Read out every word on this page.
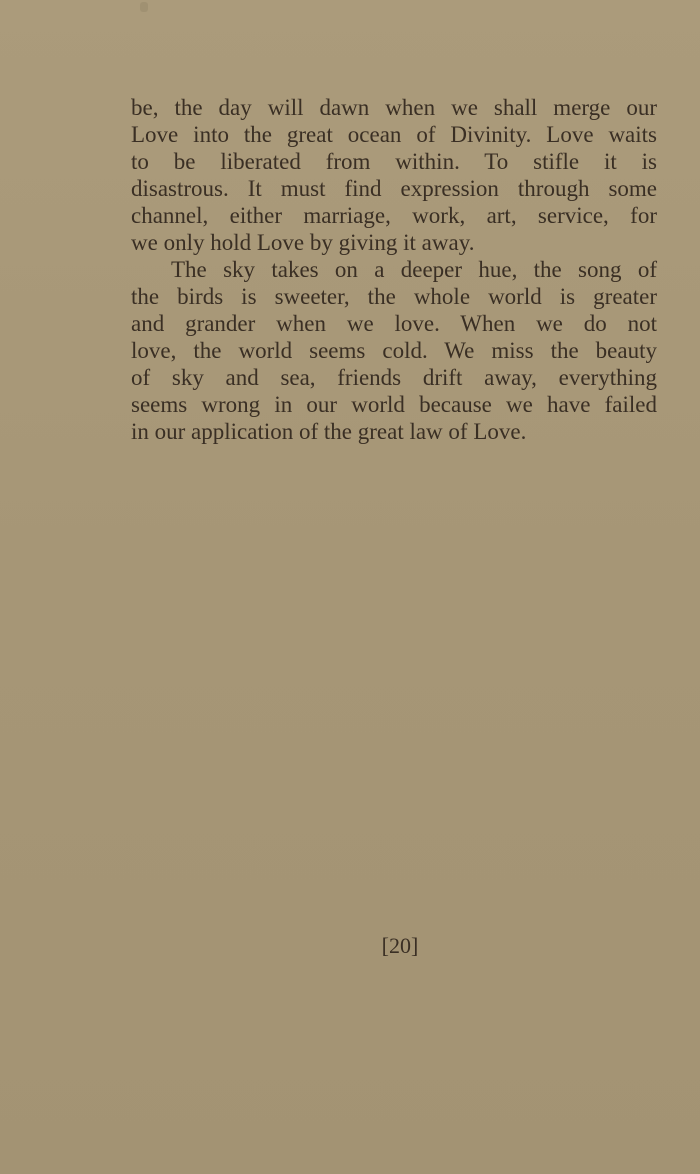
be, the day will dawn when we shall merge our
Love into the great ocean of Divinity. Love waits
to be liberated from within. To stifle it is
disastrous. It must find expression through some
channel, either marriage, work, art, service, for
we only hold Love by giving it away.
The sky takes on a deeper hue, the song of
the birds is sweeter, the whole world is greater
and grander when we love. When we do not
love, the world seems cold. We miss the beauty
of sky and sea, friends drift away, everything
seems wrong in our world because we have failed
in our application of the great law of Love.
[20]
